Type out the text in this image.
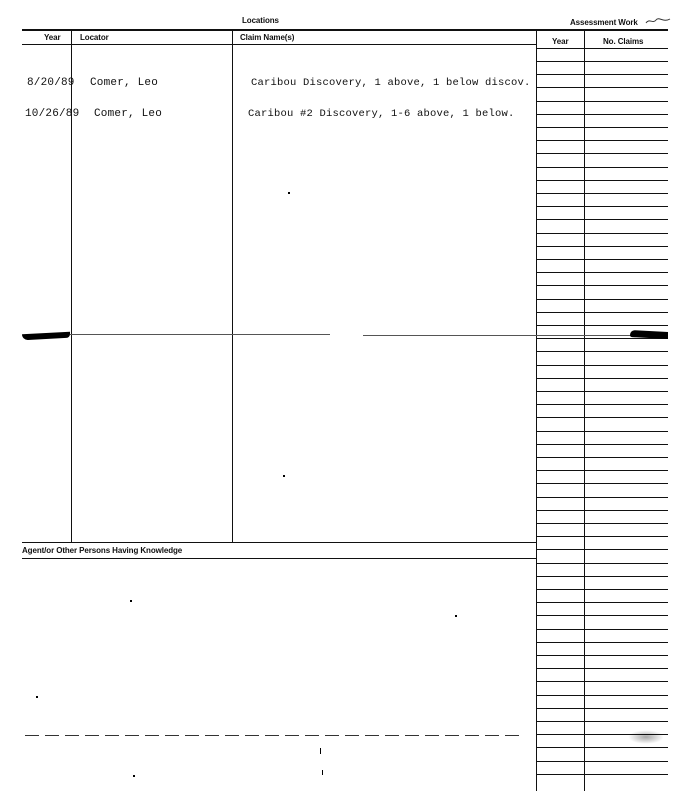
Locations	Assessment Work
Year Locator	Claim Name(s)	Year	No. Claims
8/20/89 Comer, Leo	Caribou Discovery, 1 above, 1 below discov.
10/26/89 Comer, Leo	Caribou #2 Discovery, 1-6 above, 1 below.
Agent/or Other Persons Having Knowledge
